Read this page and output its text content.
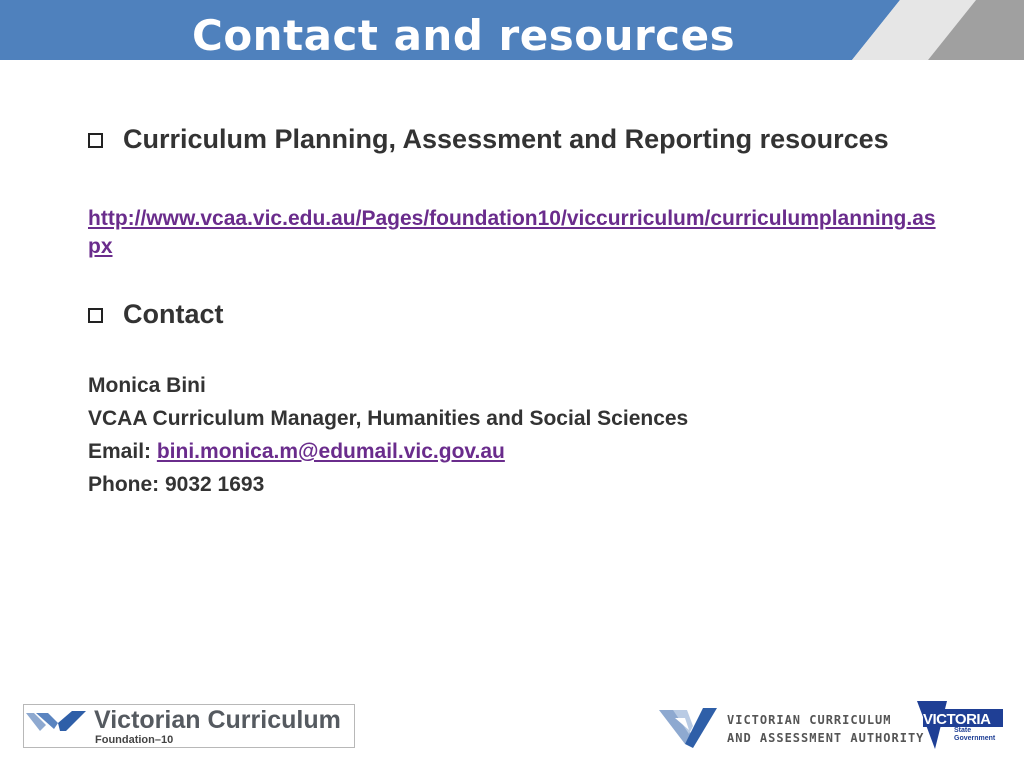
Contact and resources
Curriculum Planning, Assessment and Reporting resources
http://www.vcaa.vic.edu.au/Pages/foundation10/viccurriculum/curriculumplanning.aspx
Contact
Monica Bini
VCAA Curriculum Manager, Humanities and Social Sciences
Email: bini.monica.m@edumail.vic.gov.au
Phone: 9032 1693
Victorian Curriculum
Foundation–10
VICTORIAN CURRICULUM
AND ASSESSMENT AUTHORITY
VICTORIA
State
Government
